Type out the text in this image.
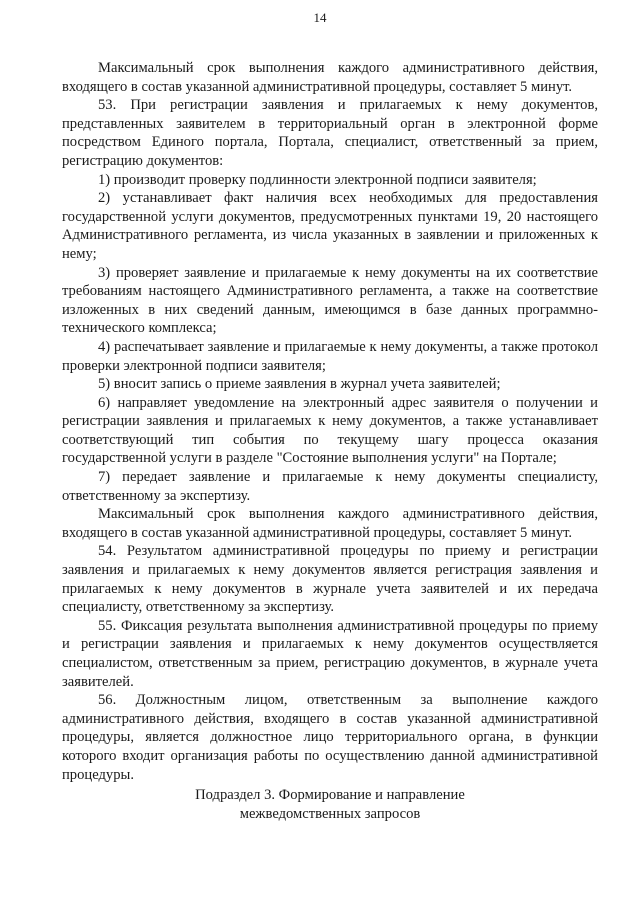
14

Максимальный срок выполнения каждого административного действия, входящего в состав указанной административной процедуры, составляет 5 минут.

53. При регистрации заявления и прилагаемых к нему документов, представленных заявителем в территориальный орган в электронной форме посредством Единого портала, Портала, специалист, ответственный за прием, регистрацию документов:

1) производит проверку подлинности электронной подписи заявителя;

2) устанавливает факт наличия всех необходимых для предоставления государственной услуги документов, предусмотренных пунктами 19, 20 настоящего Административного регламента, из числа указанных в заявлении и приложенных к нему;

3) проверяет заявление и прилагаемые к нему документы на их соответствие требованиям настоящего Административного регламента, а также на соответствие изложенных в них сведений данным, имеющимся в базе данных программно-технического комплекса;

4) распечатывает заявление и прилагаемые к нему документы, а также протокол проверки электронной подписи заявителя;

5) вносит запись о приеме заявления в журнал учета заявителей;

6) направляет уведомление на электронный адрес заявителя о получении и регистрации заявления и прилагаемых к нему документов, а также устанавливает соответствующий тип события по текущему шагу процесса оказания государственной услуги в разделе "Состояние выполнения услуги" на Портале;

7) передает заявление и прилагаемые к нему документы специалисту, ответственному за экспертизу.

Максимальный срок выполнения каждого административного действия, входящего в состав указанной административной процедуры, составляет 5 минут.

54. Результатом административной процедуры по приему и регистрации заявления и прилагаемых к нему документов является регистрация заявления и прилагаемых к нему документов в журнале учета заявителей и их передача специалисту, ответственному за экспертизу.

55. Фиксация результата выполнения административной процедуры по приему и регистрации заявления и прилагаемых к нему документов осуществляется специалистом, ответственным за прием, регистрацию документов, в журнале учета заявителей.

56. Должностным лицом, ответственным за выполнение каждого административного действия, входящего в состав указанной административной процедуры, является должностное лицо территориального органа, в функции которого входит организация работы по осуществлению данной административной процедуры.

Подраздел 3. Формирование и направление
межведомственных запросов
